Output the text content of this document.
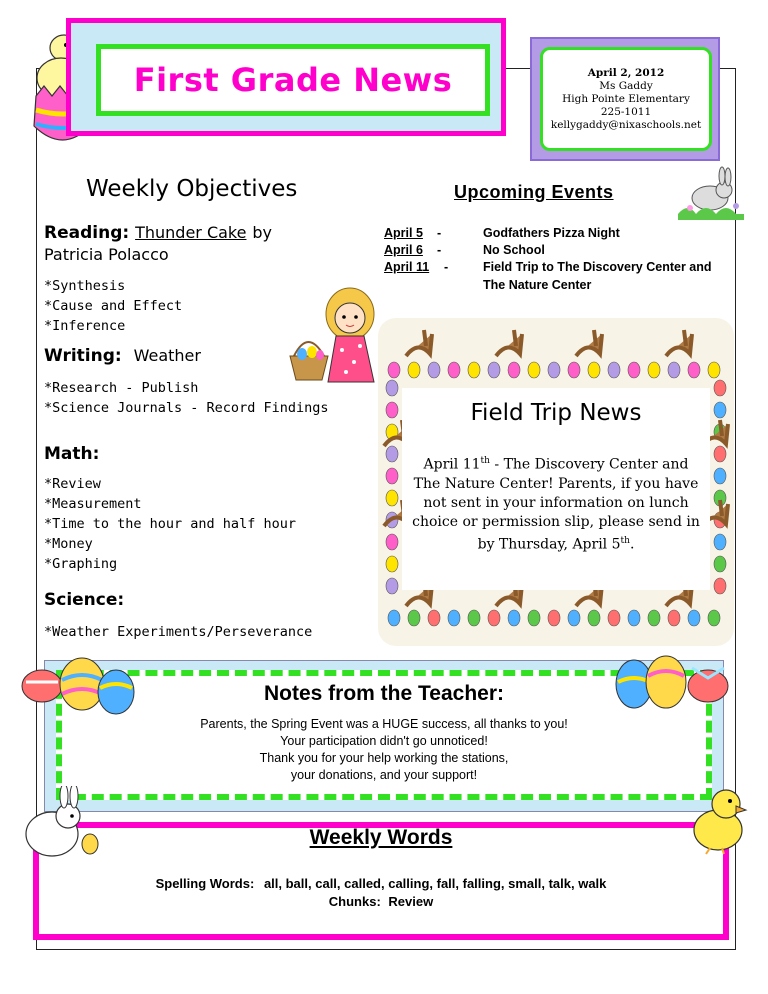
First Grade News	April 2, 2012
Ms Gaddy
High Pointe Elementary
225-1011
kellygaddy@nixaschools.net
Weekly Objectives
Reading: Thunder Cake by
Patricia Polacco
*Synthesis
*Cause and Effect
*Inference
Writing: Weather
*Research - Publish
*Science Journals - Record Findings
Math:
*Review
*Measurement
*Time to the hour and half hour
*Money
*Graphing
Science:
*Weather Experiments/Perseverance
Upcoming Events
April 5 -	Godfathers Pizza Night
April 6 -	No School
April 11 -	Field Trip to The Discovery Center and The Nature Center
Field Trip News
April 11th - The Discovery Center and The Nature Center! Parents, if you have not sent in your information on lunch choice or permission slip, please send in by Thursday, April 5th.
Notes from the Teacher:
Parents, the Spring Event was a HUGE success, all thanks to you!
Your participation didn't go unnoticed!
Thank you for your help working the stations,
your donations, and your support!
Weekly Words
Spelling Words: all, ball, call, called, calling, fall, falling, small, talk, walk
Chunks: Review
